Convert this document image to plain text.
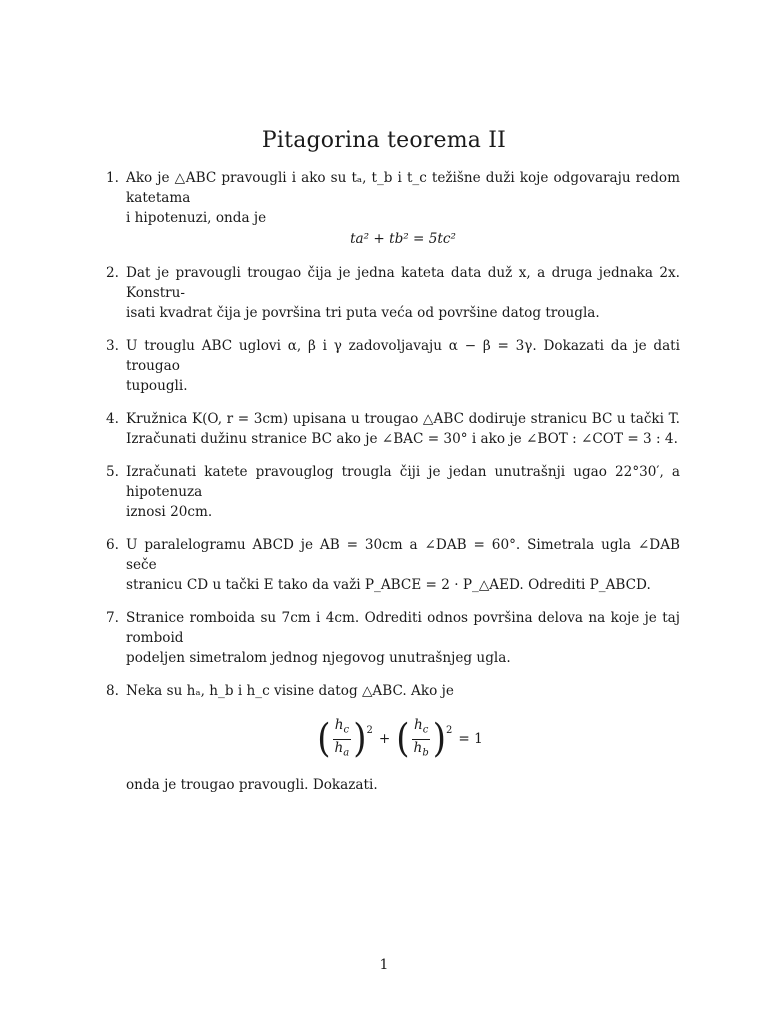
Pitagorina teorema II
1. Ako je △ABC pravougli i ako su tₐ, t_b i t_c težišne duži koje odgovaraju redom katetama
i hipotenuzi, onda je
ta² + tb² = 5tc²
2. Dat je pravougli trougao čija je jedna kateta data duž x, a druga jednaka 2x. Konstru-
isati kvadrat čija je površina tri puta veća od površine datog trougla.
3. U trouglu ABC uglovi α, β i γ zadovoljavaju α − β = 3γ. Dokazati da je dati trougao
tupougli.
4. Kružnica K(O, r = 3cm) upisana u trougao △ABC dodiruje stranicu BC u tački T.
Izračunati dužinu stranice BC ako je ∠BAC = 30° i ako je ∠BOT : ∠COT = 3 : 4.
5. Izračunati katete pravouglog trougla čiji je jedan unutrašnji ugao 22°30′, a hipotenuza
iznosi 20cm.
6. U paralelogramu ABCD je AB = 30cm a ∠DAB = 60°. Simetrala ugla ∠DAB seče
stranicu CD u tački E tako da važi P_ABCE = 2 · P_△AED. Odrediti P_ABCD.
7. Stranice romboida su 7cm i 4cm. Odrediti odnos površina delova na koje je taj romboid
podeljen simetralom jednog njegovog unutrašnjeg ugla.
8. Neka su hₐ, h_b i h_c visine datog △ABC. Ako je
( $\frac{h_c}{h_a}$ ) 2
+ ( $\frac{h_c}{h_b}$ ) 2
= 1
onda je trougao pravougli. Dokazati.
1
